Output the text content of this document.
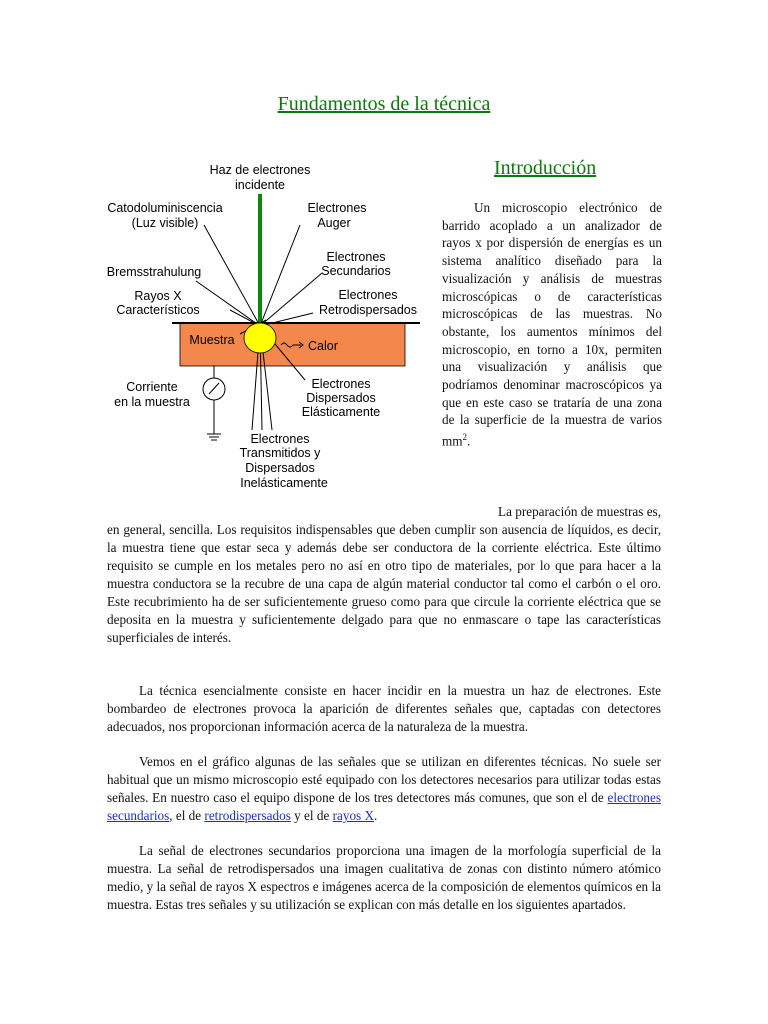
Fundamentos de la técnica
Haz de electrones
incidente
Catodoluminiscencia
(Luz visible)
Electrones
Auger
Electrones
Secundarios
Bremsstrahulung
Rayos X
Característicos
Electrones
Retrodispersados
Muestra	Calor
Corriente
en la muestra
Electrones
Dispersados
Elásticamente
Electrones
Transmitidos y
Dispersados
Inelásticamente
Introducción

Un microscopio electrónico de barrido acoplado a un analizador de rayos x por dispersión de energías es un sistema analítico diseñado para la visualización y análisis de muestras microscópicas o de características microscópicas de las muestras. No obstante, los aumentos mínimos del microscopio, en torno a 10x, permiten una visualización y análisis que podríamos denominar macroscópicos ya que en este caso se trataría de una zona de la superficie de la muestra de varios $mm^2$.

La preparación de muestras es,

en general, sencilla. Los requisitos indispensables que deben cumplir son ausencia de líquidos, es decir, la muestra tiene que estar seca y además debe ser conductora de la corriente eléctrica. Este último requisito se cumple en los metales pero no así en otro tipo de materiales, por lo que para hacer a la muestra conductora se la recubre de una capa de algún material conductor tal como el carbón o el oro. Este recubrimiento ha de ser suficientemente grueso como para que circule la corriente eléctrica que se deposita en la muestra y suficientemente delgado para que no enmascare o tape las características superficiales de interés.

La técnica esencialmente consiste en hacer incidir en la muestra un haz de electrones. Este bombardeo de electrones provoca la aparición de diferentes señales que, captadas con detectores adecuados, nos proporcionan información acerca de la naturaleza de la muestra.

Vemos en el gráfico algunas de las señales que se utilizan en diferentes técnicas. No suele ser habitual que un mismo microscopio esté equipado con los detectores necesarios para utilizar todas estas señales. En nuestro caso el equipo dispone de los tres detectores más comunes, que son el de electrones secundarios, el de retrodispersados y el de rayos X.

La señal de electrones secundarios proporciona una imagen de la morfología superficial de la muestra. La señal de retrodispersados una imagen cualitativa de zonas con distinto número atómico medio, y la señal de rayos X espectros e imágenes acerca de la composición de elementos químicos en la muestra. Estas tres señales y su utilización se explican con más detalle en los siguientes apartados.
